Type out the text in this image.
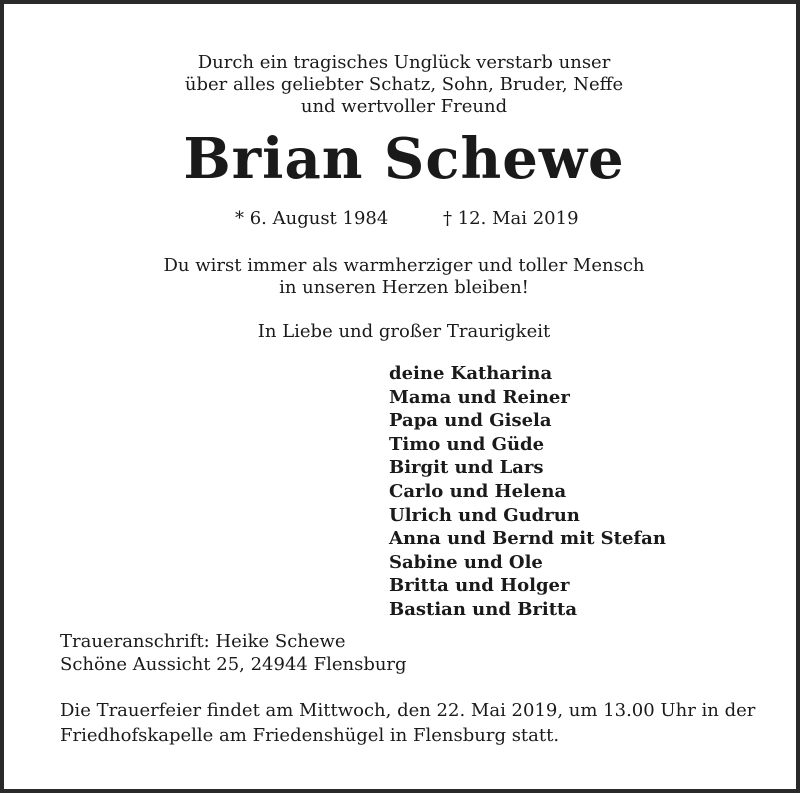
Durch ein tragisches Unglück verstarb unser
über alles geliebter Schatz, Sohn, Bruder, Neffe
und wertvoller Freund
Brian Schewe
* 6. August 1984	† 12. Mai 2019
Du wirst immer als warmherziger und toller Mensch
in unseren Herzen bleiben!
In Liebe und großer Traurigkeit
deine Katharina
Mama und Reiner
Papa und Gisela
Timo und Güde
Birgit und Lars
Carlo und Helena
Ulrich und Gudrun
Anna und Bernd mit Stefan
Sabine und Ole
Britta und Holger
Bastian und Britta
Traueranschrift: Heike Schewe
Schöne Aussicht 25, 24944 Flensburg
Die Trauerfeier findet am Mittwoch, den 22. Mai 2019, um 13.00 Uhr in der
Friedhofskapelle am Friedenshügel in Flensburg statt.
